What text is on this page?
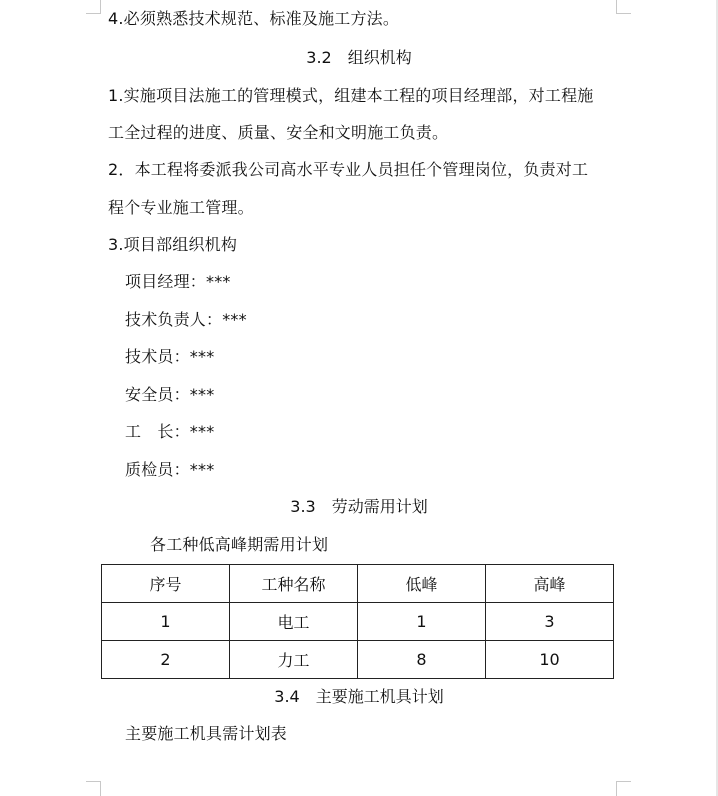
4.必须熟悉技术规范、标准及施工方法。
3.2　组织机构
1.实施项目法施工的管理模式，组建本工程的项目经理部，对工程施
工全过程的进度、质量、安全和文明施工负责。
2．本工程将委派我公司高水平专业人员担任个管理岗位，负责对工
程个专业施工管理。
3.项目部组织机构
项目经理：***
技术负责人：***
技术员：***
安全员：***
工　长：***
质检员：***
3.3　劳动需用计划
各工种低高峰期需用计划
序号	工种名称	低峰	高峰
1	电工	1	3
2	力工	8	10
3.4　主要施工机具计划
主要施工机具需计划表
